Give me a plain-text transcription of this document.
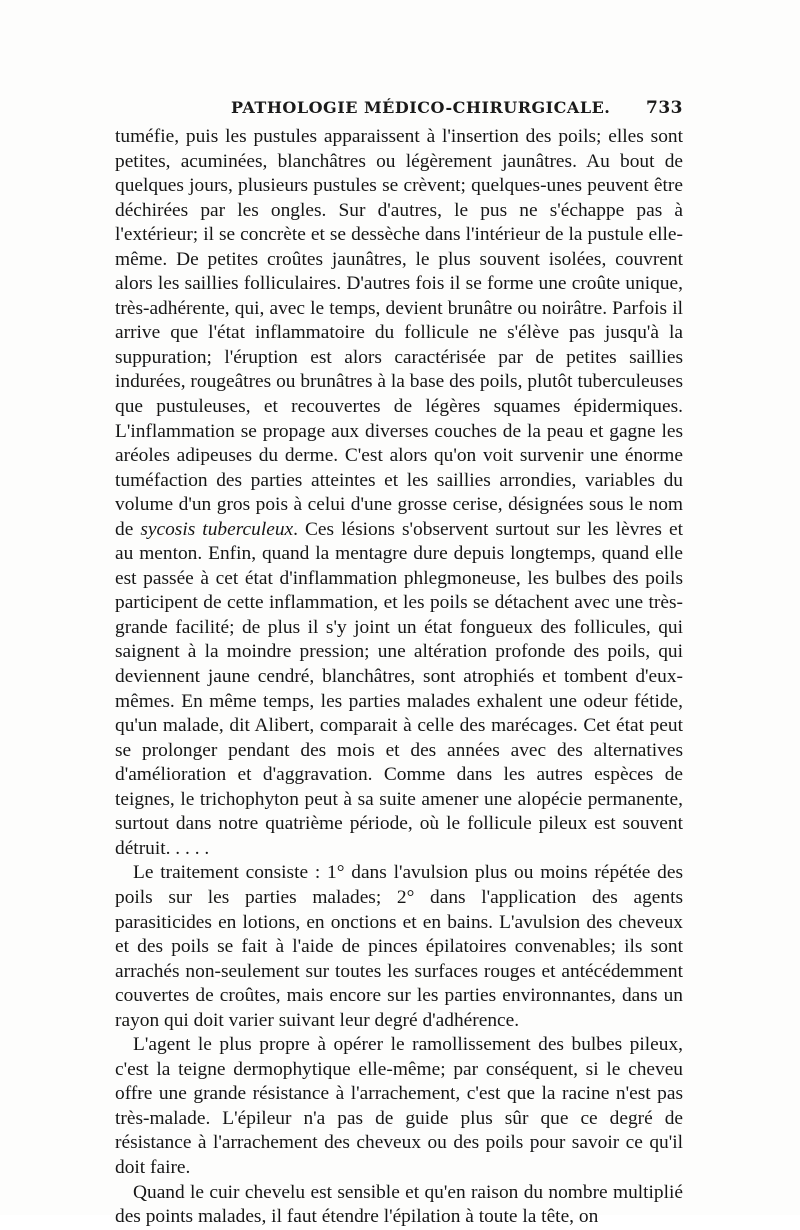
PATHOLOGIE MÉDICO-CHIRURGICALE. 733

tuméfie, puis les pustules apparaissent à l'insertion des poils; elles sont petites, acuminées, blanchâtres ou légèrement jaunâtres. Au bout de quelques jours, plusieurs pustules se crèvent; quelques-unes peuvent être déchirées par les ongles. Sur d'autres, le pus ne s'échappe pas à l'extérieur; il se concrète et se dessèche dans l'intérieur de la pustule elle-même. De petites croûtes jaunâtres, le plus souvent isolées, couvrent alors les saillies folliculaires. D'autres fois il se forme une croûte unique, très-adhérente, qui, avec le temps, devient brunâtre ou noirâtre. Parfois il arrive que l'état inflammatoire du follicule ne s'élève pas jusqu'à la suppuration; l'éruption est alors caractérisée par de petites saillies indurées, rougeâtres ou brunâtres à la base des poils, plutôt tuberculeuses que pustuleuses, et recouvertes de légères squames épidermiques. L'inflammation se propage aux diverses couches de la peau et gagne les aréoles adipeuses du derme. C'est alors qu'on voit survenir une énorme tuméfaction des parties atteintes et les saillies arrondies, variables du volume d'un gros pois à celui d'une grosse cerise, désignées sous le nom de sycosis tuberculeux. Ces lésions s'observent surtout sur les lèvres et au menton. Enfin, quand la mentagre dure depuis longtemps, quand elle est passée à cet état d'inflammation phlegmoneuse, les bulbes des poils participent de cette inflammation, et les poils se détachent avec une très-grande facilité; de plus il s'y joint un état fongueux des follicules, qui saignent à la moindre pression; une altération profonde des poils, qui deviennent jaune cendré, blanchâtres, sont atrophiés et tombent d'eux-mêmes. En même temps, les parties malades exhalent une odeur fétide, qu'un malade, dit Alibert, comparait à celle des marécages. Cet état peut se prolonger pendant des mois et des années avec des alternatives d'amélioration et d'aggravation. Comme dans les autres espèces de teignes, le trichophyton peut à sa suite amener une alopécie permanente, surtout dans notre quatrième période, où le follicule pileux est souvent détruit. . . . .

Le traitement consiste : 1° dans l'avulsion plus ou moins répétée des poils sur les parties malades; 2° dans l'application des agents parasiticides en lotions, en onctions et en bains. L'avulsion des cheveux et des poils se fait à l'aide de pinces épilatoires convenables; ils sont arrachés non-seulement sur toutes les surfaces rouges et antécédemment couvertes de croûtes, mais encore sur les parties environnantes, dans un rayon qui doit varier suivant leur degré d'adhérence.

L'agent le plus propre à opérer le ramollissement des bulbes pileux, c'est la teigne dermophytique elle-même; par conséquent, si le cheveu offre une grande résistance à l'arrachement, c'est que la racine n'est pas très-malade. L'épileur n'a pas de guide plus sûr que ce degré de résistance à l'arrachement des cheveux ou des poils pour savoir ce qu'il doit faire.

Quand le cuir chevelu est sensible et qu'en raison du nombre multiplié des points malades, il faut étendre l'épilation à toute la tête, on
